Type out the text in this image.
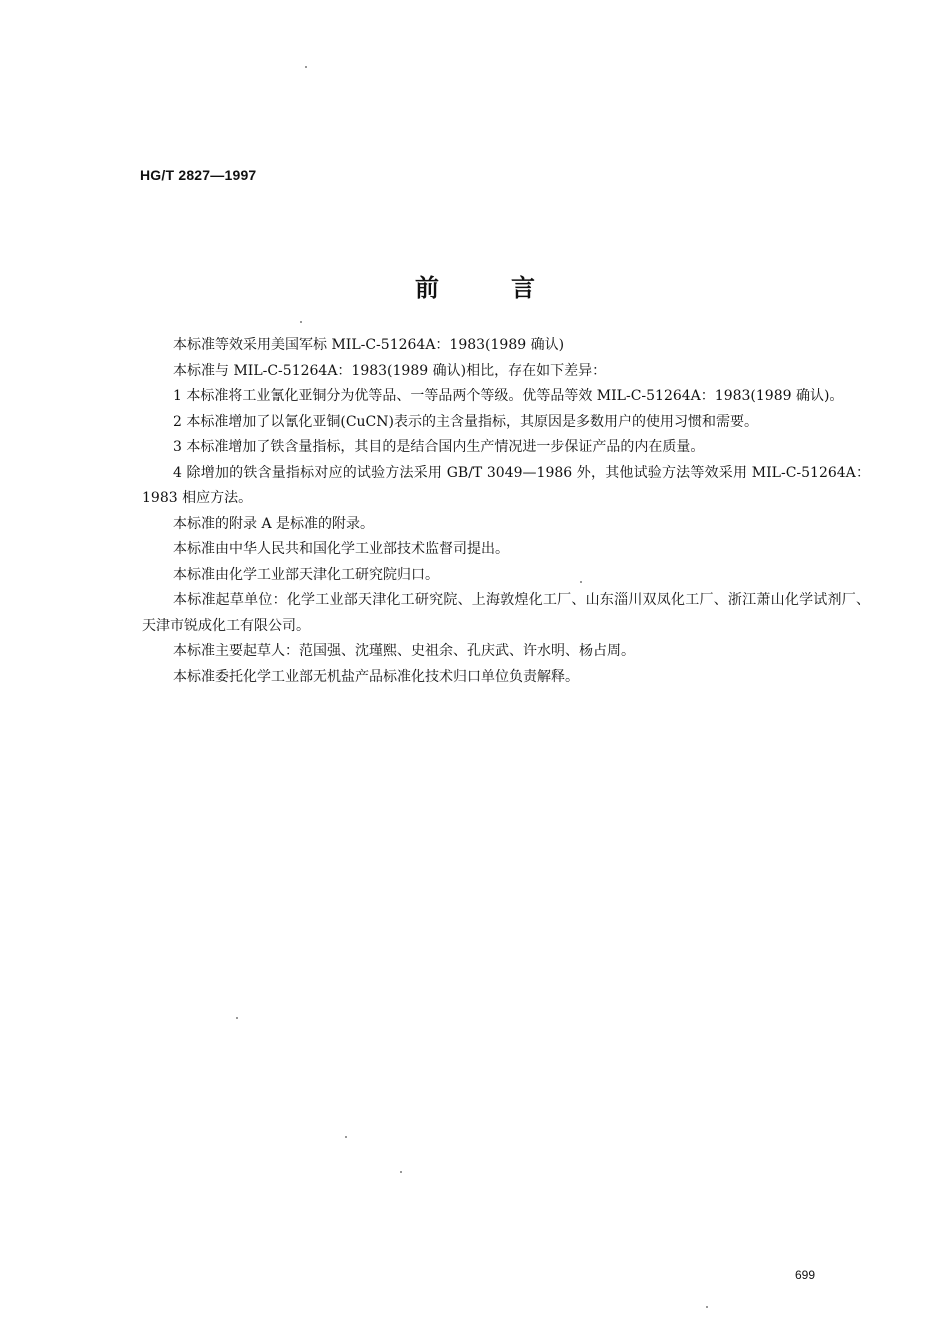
HG/T 2827—1997
前言

本标准等效采用美国军标 MIL-C-51264A：1983(1989 确认)

本标准与 MIL-C-51264A：1983(1989 确认)相比，存在如下差异：

1 本标准将工业氰化亚铜分为优等品、一等品两个等级。优等品等效 MIL-C-51264A：1983(1989 确认)。

2 本标准增加了以氰化亚铜(CuCN)表示的主含量指标，其原因是多数用户的使用习惯和需要。

3 本标准增加了铁含量指标，其目的是结合国内生产情况进一步保证产品的内在质量。

4 除增加的铁含量指标对应的试验方法采用 GB/T 3049—1986 外，其他试验方法等效采用 MIL-C-51264A：1983 相应方法。

本标准的附录 A 是标准的附录。

本标准由中华人民共和国化学工业部技术监督司提出。

本标准由化学工业部天津化工研究院归口。

本标准起草单位：化学工业部天津化工研究院、上海敦煌化工厂、山东淄川双凤化工厂、浙江萧山化学试剂厂、天津市锐成化工有限公司。

本标准主要起草人：范国强、沈瑾熙、史祖余、孔庆武、许水明、杨占周。

本标准委托化学工业部无机盐产品标准化技术归口单位负责解释。

699
